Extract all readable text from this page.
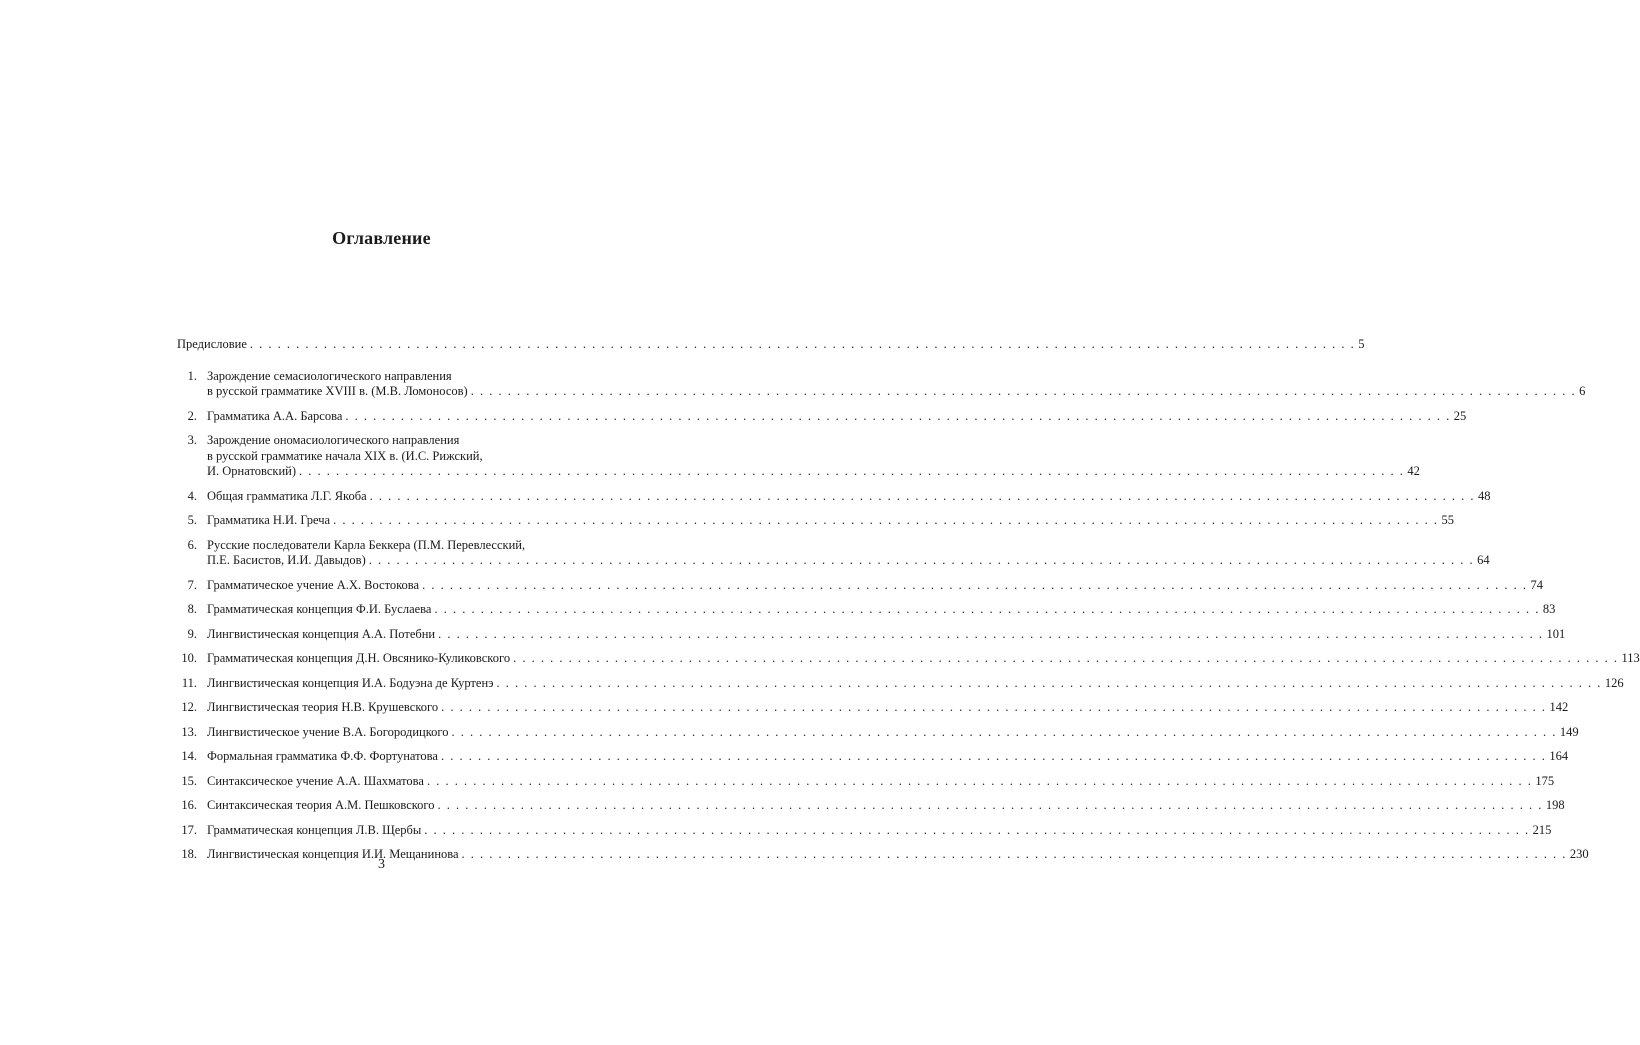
Оглавление
Предисловие . . . . . . . . . . . . . . . . . . . . . . . . . . . . . . . . . . . . . . . . . . . . . . . . . . . . . . . . . . . . . . . . . . . . . . . . . . . . . . . . . . . . . . . . . . . . . . . . . . . . . . . . . . . . . . . . . . . . . . . . 5
1. Зарождение семасиологического направления
в русской грамматике XVIII в. (М.В. Ломоносов) . . . . . . . . . . . . . . . . . . . . . . . . . . . . . . . . . . . . . . . . . . . . . . . . . . . . . . . . . . . . . . . . . . . . . . . . . . . . . . . . . . . . . . . . . . . . . . . . . . . . . . . . . . . . . . . . . . . . . . . . 6
2. Грамматика А.А. Барсова . . . . . . . . . . . . . . . . . . . . . . . . . . . . . . . . . . . . . . . . . . . . . . . . . . . . . . . . . . . . . . . . . . . . . . . . . . . . . . . . . . . . . . . . . . . . . . . . . . . . . . . . . . . . . . . . . . . . . . . . 25
3. Зарождение ономасиологического направления
в русской грамматике начала XIX в. (И.С. Рижский,
И. Орнатовский) . . . . . . . . . . . . . . . . . . . . . . . . . . . . . . . . . . . . . . . . . . . . . . . . . . . . . . . . . . . . . . . . . . . . . . . . . . . . . . . . . . . . . . . . . . . . . . . . . . . . . . . . . . . . . . . . . . . . . . . . 42
4. Общая грамматика Л.Г. Якоба . . . . . . . . . . . . . . . . . . . . . . . . . . . . . . . . . . . . . . . . . . . . . . . . . . . . . . . . . . . . . . . . . . . . . . . . . . . . . . . . . . . . . . . . . . . . . . . . . . . . . . . . . . . . . . . . . . . . . . . . 48
5. Грамматика Н.И. Греча . . . . . . . . . . . . . . . . . . . . . . . . . . . . . . . . . . . . . . . . . . . . . . . . . . . . . . . . . . . . . . . . . . . . . . . . . . . . . . . . . . . . . . . . . . . . . . . . . . . . . . . . . . . . . . . . . . . . . . . . 55
6. Русские последователи Карла Беккера (П.М. Перевлесский,
П.Е. Басистов, И.И. Давыдов) . . . . . . . . . . . . . . . . . . . . . . . . . . . . . . . . . . . . . . . . . . . . . . . . . . . . . . . . . . . . . . . . . . . . . . . . . . . . . . . . . . . . . . . . . . . . . . . . . . . . . . . . . . . . . . . . . . . . . . . . 64
7. Грамматическое учение А.Х. Востокова . . . . . . . . . . . . . . . . . . . . . . . . . . . . . . . . . . . . . . . . . . . . . . . . . . . . . . . . . . . . . . . . . . . . . . . . . . . . . . . . . . . . . . . . . . . . . . . . . . . . . . . . . . . . . . . . . . . . . . . . 74
8. Грамматическая концепция Ф.И. Буслаева . . . . . . . . . . . . . . . . . . . . . . . . . . . . . . . . . . . . . . . . . . . . . . . . . . . . . . . . . . . . . . . . . . . . . . . . . . . . . . . . . . . . . . . . . . . . . . . . . . . . . . . . . . . . . . . . . . . . . . . . 83
9. Лингвистическая концепция А.А. Потебни . . . . . . . . . . . . . . . . . . . . . . . . . . . . . . . . . . . . . . . . . . . . . . . . . . . . . . . . . . . . . . . . . . . . . . . . . . . . . . . . . . . . . . . . . . . . . . . . . . . . . . . . . . . . . . . . . . . . . . . . 101
10. Грамматическая концепция Д.Н. Овсянико-Куликовского . . . . . . . . . . . . . . . . . . . . . . . . . . . . . . . . . . . . . . . . . . . . . . . . . . . . . . . . . . . . . . . . . . . . . . . . . . . . . . . . . . . . . . . . . . . . . . . . . . . . . . . . . . . . . . . . . . . . . . . . 113
11. Лингвистическая концепция И.А. Бодуэна де Куртенэ . . . . . . . . . . . . . . . . . . . . . . . . . . . . . . . . . . . . . . . . . . . . . . . . . . . . . . . . . . . . . . . . . . . . . . . . . . . . . . . . . . . . . . . . . . . . . . . . . . . . . . . . . . . . . . . . . . . . . . . . 126
12. Лингвистическая теория Н.В. Крушевского . . . . . . . . . . . . . . . . . . . . . . . . . . . . . . . . . . . . . . . . . . . . . . . . . . . . . . . . . . . . . . . . . . . . . . . . . . . . . . . . . . . . . . . . . . . . . . . . . . . . . . . . . . . . . . . . . . . . . . . . 142
13. Лингвистическое учение В.А. Богородицкого . . . . . . . . . . . . . . . . . . . . . . . . . . . . . . . . . . . . . . . . . . . . . . . . . . . . . . . . . . . . . . . . . . . . . . . . . . . . . . . . . . . . . . . . . . . . . . . . . . . . . . . . . . . . . . . . . . . . . . . . 149
14. Формальная грамматика Ф.Ф. Фортунатова . . . . . . . . . . . . . . . . . . . . . . . . . . . . . . . . . . . . . . . . . . . . . . . . . . . . . . . . . . . . . . . . . . . . . . . . . . . . . . . . . . . . . . . . . . . . . . . . . . . . . . . . . . . . . . . . . . . . . . . . 164
15. Синтаксическое учение А.А. Шахматова . . . . . . . . . . . . . . . . . . . . . . . . . . . . . . . . . . . . . . . . . . . . . . . . . . . . . . . . . . . . . . . . . . . . . . . . . . . . . . . . . . . . . . . . . . . . . . . . . . . . . . . . . . . . . . . . . . . . . . . . 175
16. Синтаксическая теория А.М. Пешковского . . . . . . . . . . . . . . . . . . . . . . . . . . . . . . . . . . . . . . . . . . . . . . . . . . . . . . . . . . . . . . . . . . . . . . . . . . . . . . . . . . . . . . . . . . . . . . . . . . . . . . . . . . . . . . . . . . . . . . . . 198
17. Грамматическая концепция Л.В. Щербы . . . . . . . . . . . . . . . . . . . . . . . . . . . . . . . . . . . . . . . . . . . . . . . . . . . . . . . . . . . . . . . . . . . . . . . . . . . . . . . . . . . . . . . . . . . . . . . . . . . . . . . . . . . . . . . . . . . . . . . . 215
18. Лингвистическая концепция И.И. Мещанинова . . . . . . . . . . . . . . . . . . . . . . . . . . . . . . . . . . . . . . . . . . . . . . . . . . . . . . . . . . . . . . . . . . . . . . . . . . . . . . . . . . . . . . . . . . . . . . . . . . . . . . . . . . . . . . . . . . . . . . . . 230
3
